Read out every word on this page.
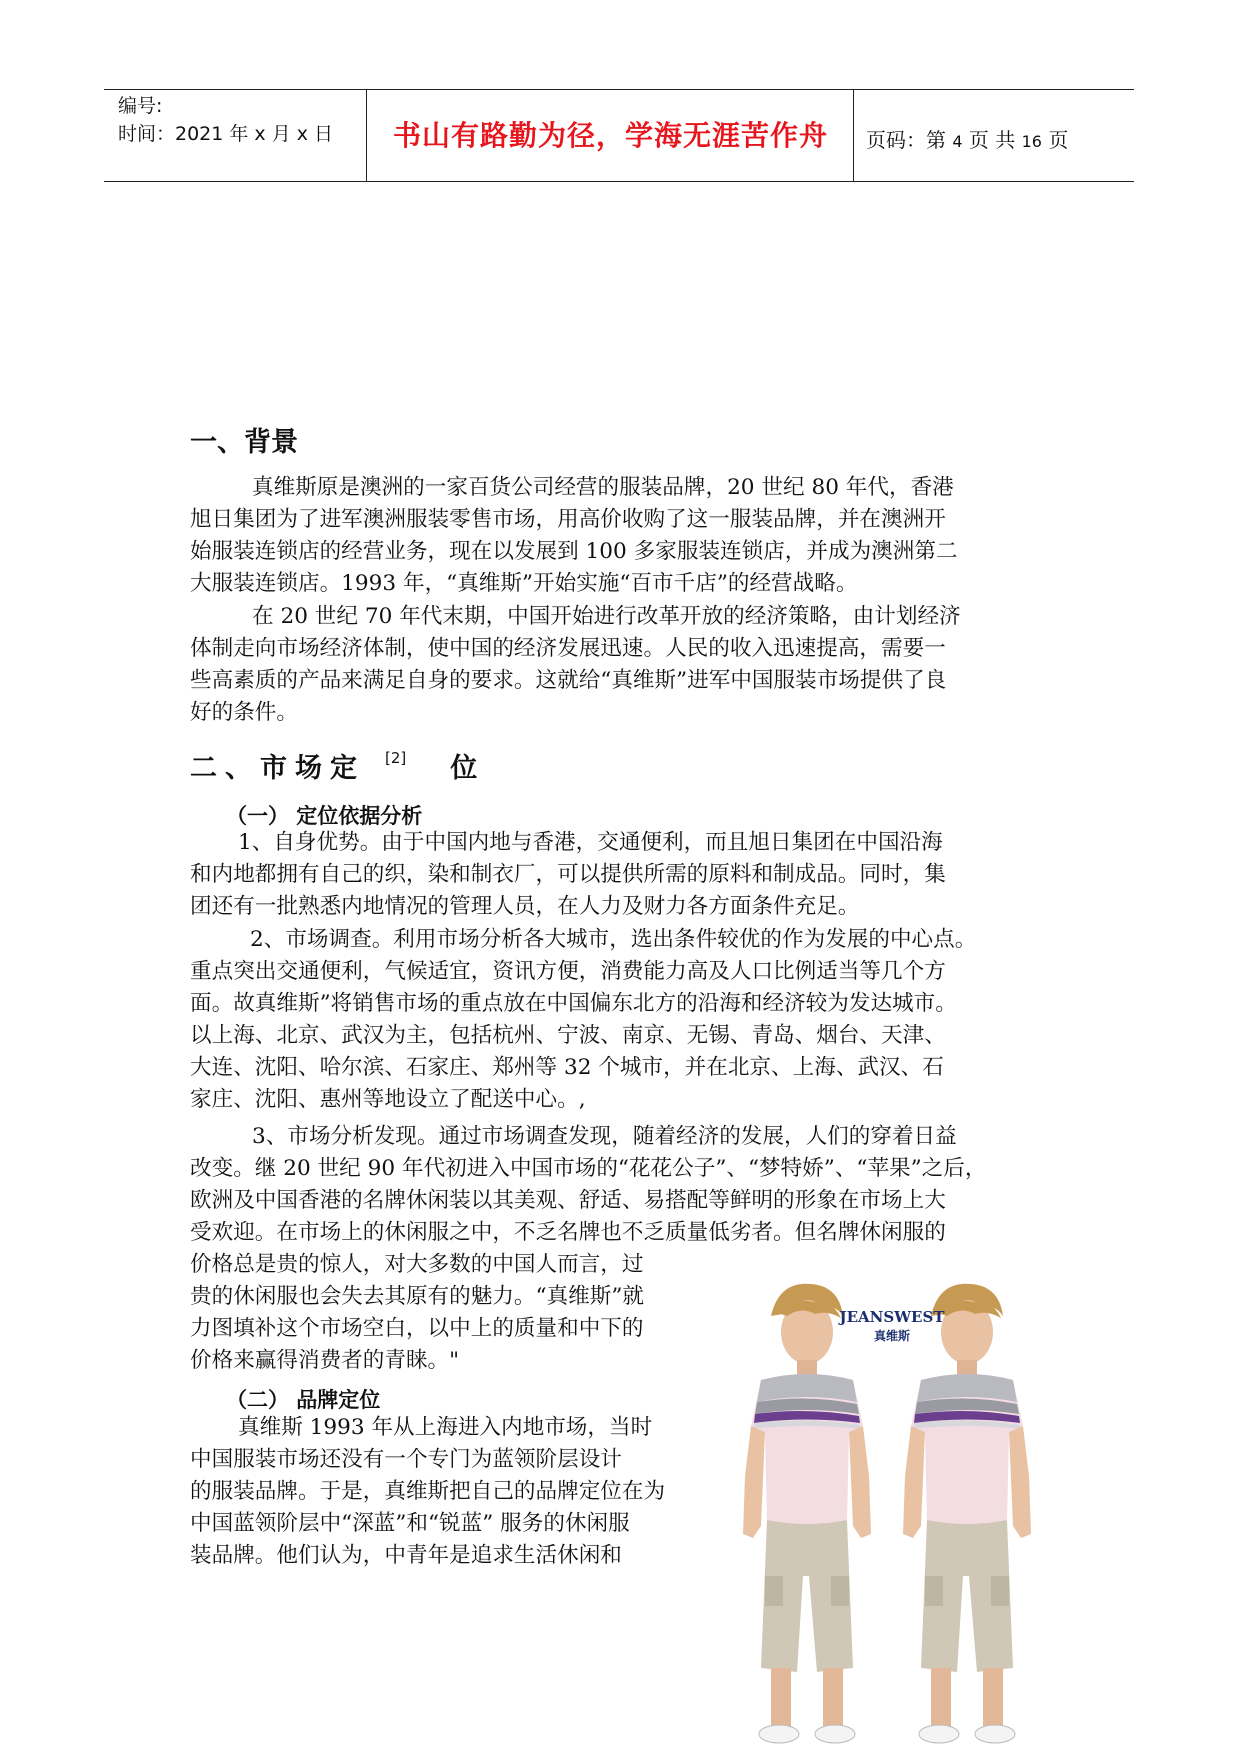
编号:
时间：2021 年 x 月 x 日	书山有路勤为径，学海无涯苦作舟	页码：第 4 页 共 16 页
一、背景
真维斯原是澳洲的一家百货公司经营的服装品牌，20 世纪 80 年代，香港
旭日集团为了进军澳洲服装零售市场，用高价收购了这一服装品牌，并在澳洲开
始服装连锁店的经营业务，现在以发展到 100 多家服装连锁店，并成为澳洲第二
大服装连锁店。1993 年，“真维斯”开始实施“百市千店”的经营战略。
在 20 世纪 70 年代末期，中国开始进行改革开放的经济策略，由计划经济
体制走向市场经济体制，使中国的经济发展迅速。人民的收入迅速提高，需要一
些高素质的产品来满足自身的要求。这就给“真维斯”进军中国服装市场提供了良
好的条件。
二、市场定 [2] 位
（一） 定位依据分析
1、自身优势。由于中国内地与香港，交通便利，而且旭日集团在中国沿海
和内地都拥有自己的织，染和制衣厂，可以提供所需的原料和制成品。同时，集
团还有一批熟悉内地情况的管理人员，在人力及财力各方面条件充足。
2、市场调查。利用市场分析各大城市，选出条件较优的作为发展的中心点。
重点突出交通便利，气候适宜，资讯方便，消费能力高及人口比例适当等几个方
面。故真维斯”将销售市场的重点放在中国偏东北方的沿海和经济较为发达城市。
以上海、北京、武汉为主，包括杭州、宁波、南京、无锡、青岛、烟台、天津、
大连、沈阳、哈尔滨、石家庄、郑州等 32 个城市，并在北京、上海、武汉、石
家庄、沈阳、惠州等地设立了配送中心。,
3、市场分析发现。通过市场调查发现，随着经济的发展，人们的穿着日益
改变。继 20 世纪 90 年代初进入中国市场的“花花公子”、“梦特娇”、“苹果”之后，
欧洲及中国香港的名牌休闲装以其美观、舒适、易搭配等鲜明的形象在市场上大
受欢迎。在市场上的休闲服之中，不乏名牌也不乏质量低劣者。但名牌休闲服的
价格总是贵的惊人，对大多数的中国人而言，过
贵的休闲服也会失去其原有的魅力。“真维斯”就
力图填补这个市场空白，以中上的质量和中下的
价格来赢得消费者的青睐。"
（二） 品牌定位
真维斯 1993 年从上海进入内地市场，当时
中国服装市场还没有一个专门为蓝领阶层设计
的服装品牌。于是，真维斯把自己的品牌定位在为
中国蓝领阶层中“深蓝”和“锐蓝” 服务的休闲服
装品牌。他们认为，中青年是追求生活休闲和
JEANSWEST
真维斯
